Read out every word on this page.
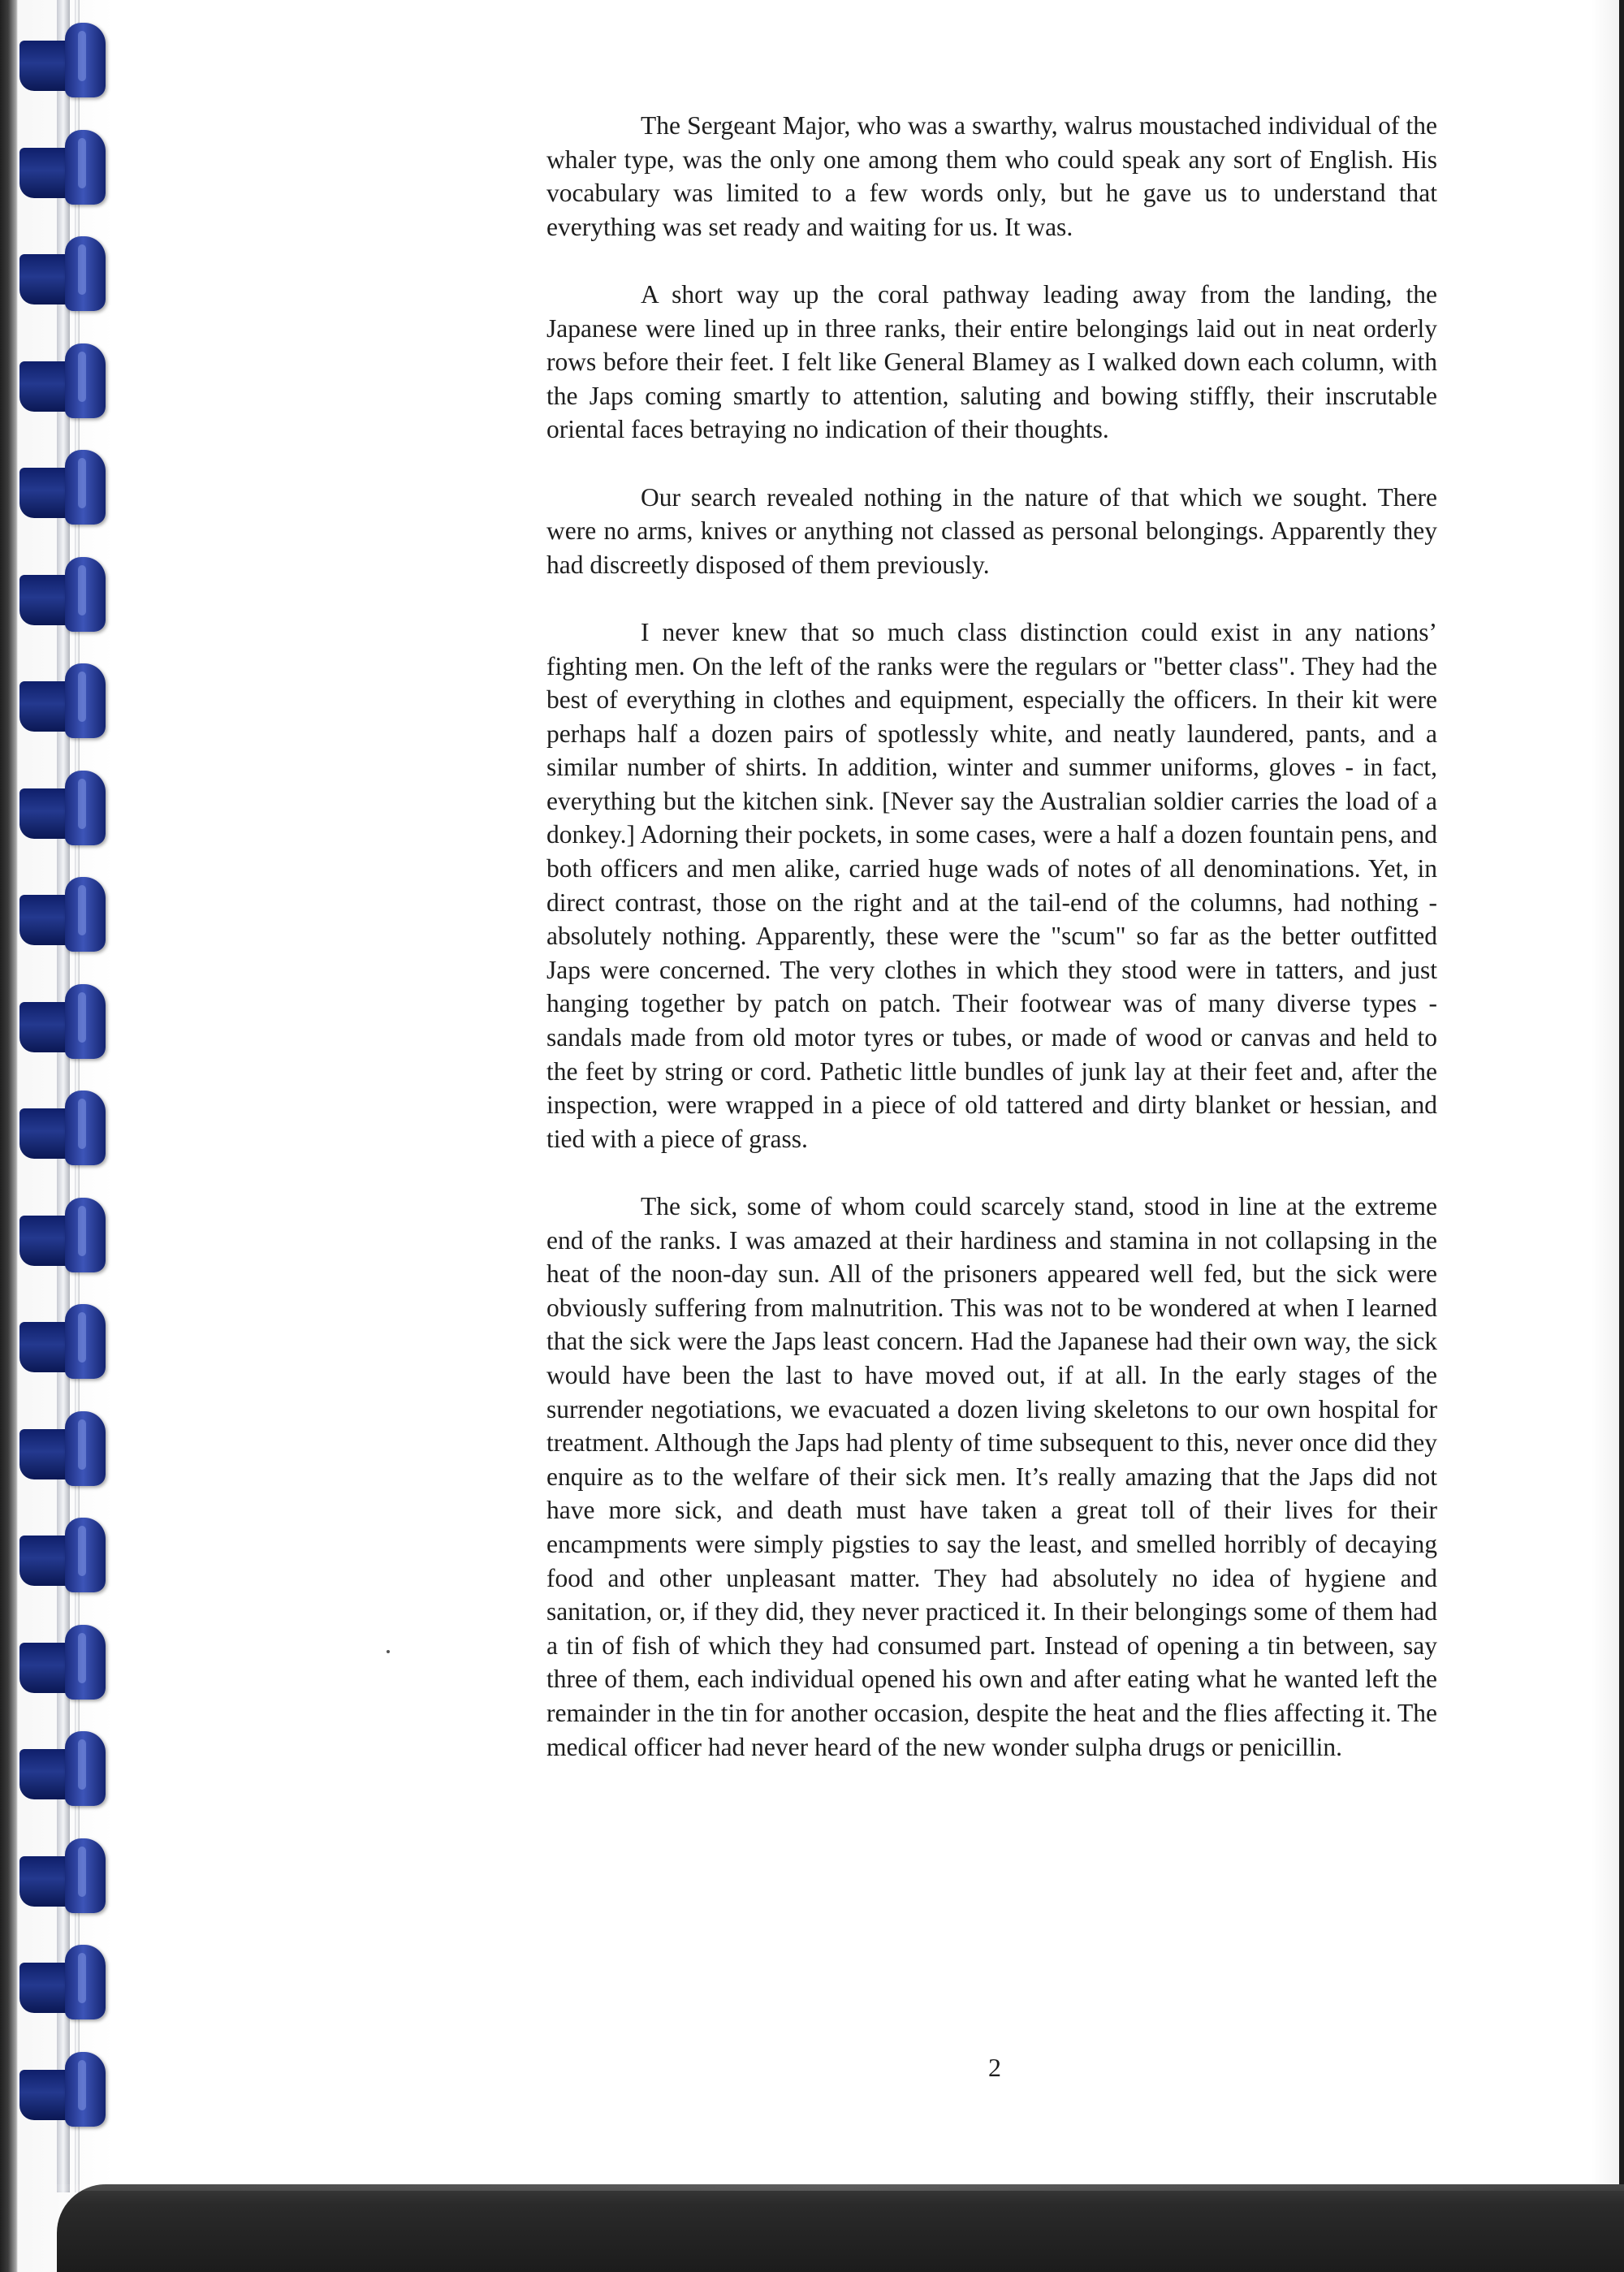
The Sergeant Major, who was a swarthy, walrus moustached individual of the whaler type, was the only one among them who could speak any sort of English. His vocabulary was limited to a few words only, but he gave us to understand that everything was set ready and waiting for us. It was.

A short way up the coral pathway leading away from the landing, the Japanese were lined up in three ranks, their entire belongings laid out in neat orderly rows before their feet. I felt like General Blamey as I walked down each column, with the Japs coming smartly to attention, saluting and bowing stiffly, their inscrutable oriental faces betraying no indication of their thoughts.

Our search revealed nothing in the nature of that which we sought. There were no arms, knives or anything not classed as personal belongings. Apparently they had discreetly disposed of them previously.

I never knew that so much class distinction could exist in any nations’ fighting men. On the left of the ranks were the regulars or "better class". They had the best of everything in clothes and equipment, especially the officers. In their kit were perhaps half a dozen pairs of spotlessly white, and neatly laundered, pants, and a similar number of shirts. In addition, winter and summer uniforms, gloves - in fact, everything but the kitchen sink. [Never say the Australian soldier carries the load of a donkey.] Adorning their pockets, in some cases, were a half a dozen fountain pens, and both officers and men alike, carried huge wads of notes of all denominations. Yet, in direct contrast, those on the right and at the tail-end of the columns, had nothing - absolutely nothing. Apparently, these were the "scum" so far as the better outfitted Japs were concerned. The very clothes in which they stood were in tatters, and just hanging together by patch on patch. Their footwear was of many diverse types - sandals made from old motor tyres or tubes, or made of wood or canvas and held to the feet by string or cord. Pathetic little bundles of junk lay at their feet and, after the inspection, were wrapped in a piece of old tattered and dirty blanket or hessian, and tied with a piece of grass.

The sick, some of whom could scarcely stand, stood in line at the extreme end of the ranks. I was amazed at their hardiness and stamina in not collapsing in the heat of the noon-day sun. All of the prisoners appeared well fed, but the sick were obviously suffering from malnutrition. This was not to be wondered at when I learned that the sick were the Japs least concern. Had the Japanese had their own way, the sick would have been the last to have moved out, if at all. In the early stages of the surrender negotiations, we evacuated a dozen living skeletons to our own hospital for treatment. Although the Japs had plenty of time subsequent to this, never once did they enquire as to the welfare of their sick men. It’s really amazing that the Japs did not have more sick, and death must have taken a great toll of their lives for their encampments were simply pigsties to say the least, and smelled horribly of decaying food and other unpleasant matter. They had absolutely no idea of hygiene and sanitation, or, if they did, they never practiced it. In their belongings some of them had a tin of fish of which they had consumed part. Instead of opening a tin between, say three of them, each individual opened his own and after eating what he wanted left the remainder in the tin for another occasion, despite the heat and the flies affecting it. The medical officer had never heard of the new wonder sulpha drugs or penicillin.

2
